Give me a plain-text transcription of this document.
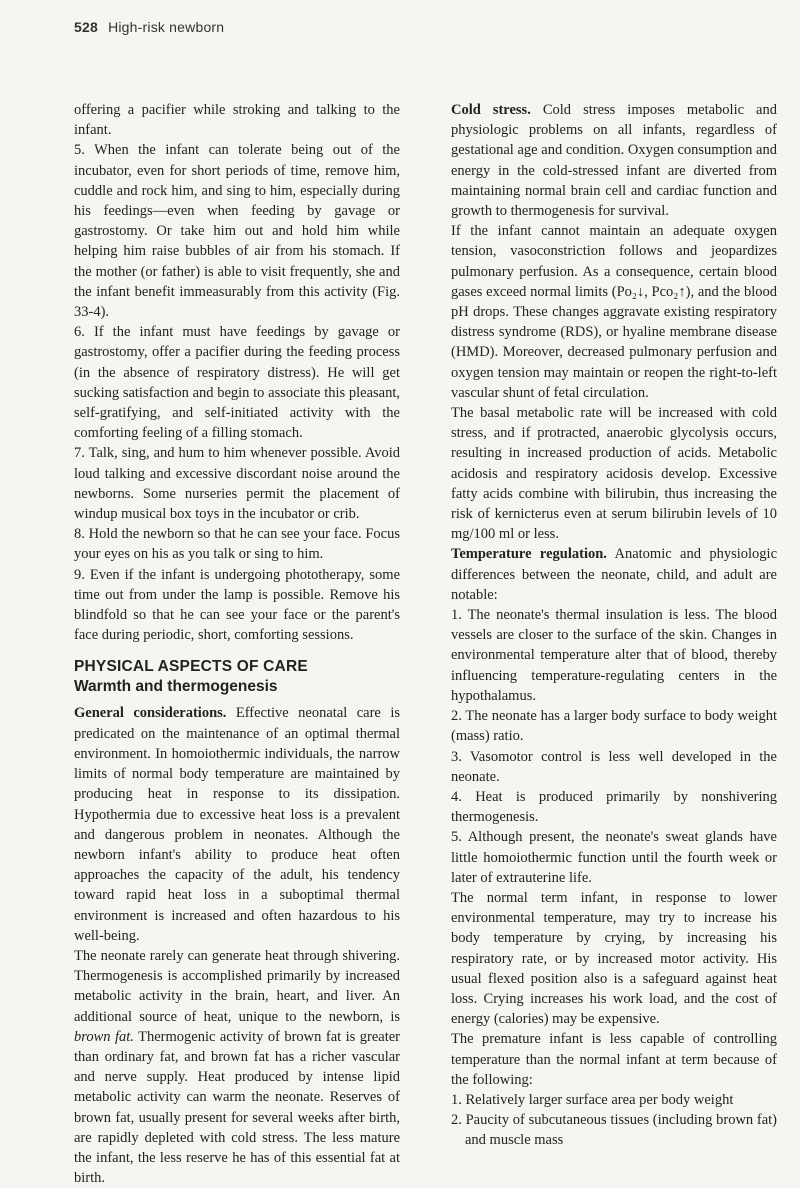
528 High-risk newborn

offering a pacifier while stroking and talking to the infant.

5. When the infant can tolerate being out of the incubator, even for short periods of time, remove him, cuddle and rock him, and sing to him, especially during his feedings—even when feeding by gavage or gastrostomy. Or take him out and hold him while helping him raise bubbles of air from his stomach. If the mother (or father) is able to visit frequently, she and the infant benefit immeasurably from this activity (Fig. 33-4).

6. If the infant must have feedings by gavage or gastrostomy, offer a pacifier during the feeding process (in the absence of respiratory distress). He will get sucking satisfaction and begin to associate this pleasant, self-gratifying, and self-initiated activity with the comforting feeling of a filling stomach.

7. Talk, sing, and hum to him whenever possible. Avoid loud talking and excessive discordant noise around the newborns. Some nurseries permit the placement of windup musical box toys in the incubator or crib.

8. Hold the newborn so that he can see your face. Focus your eyes on his as you talk or sing to him.

9. Even if the infant is undergoing phototherapy, some time out from under the lamp is possible. Remove his blindfold so that he can see your face or the parent's face during periodic, short, comforting sessions.

PHYSICAL ASPECTS OF CARE
Warmth and thermogenesis

General considerations. Effective neonatal care is predicated on the maintenance of an optimal thermal environment. In homoiothermic individuals, the narrow limits of normal body temperature are maintained by producing heat in response to its dissipation. Hypothermia due to excessive heat loss is a prevalent and dangerous problem in neonates. Although the newborn infant's ability to produce heat often approaches the capacity of the adult, his tendency toward rapid heat loss in a suboptimal thermal environment is increased and often hazardous to his well-being.

The neonate rarely can generate heat through shivering. Thermogenesis is accomplished primarily by increased metabolic activity in the brain, heart, and liver. An additional source of heat, unique to the newborn, is brown fat. Thermogenic activity of brown fat is greater than ordinary fat, and brown fat has a richer vascular and nerve supply. Heat produced by intense lipid metabolic activity can warm the neonate. Reserves of brown fat, usually present for several weeks after birth, are rapidly depleted with cold stress. The less mature the infant, the less reserve he has of this essential fat at birth.

Cold stress. Cold stress imposes metabolic and physiologic problems on all infants, regardless of gestational age and condition. Oxygen consumption and energy in the cold-stressed infant are diverted from maintaining normal brain cell and cardiac function and growth to thermogenesis for survival.

If the infant cannot maintain an adequate oxygen tension, vasoconstriction follows and jeopardizes pulmonary perfusion. As a consequence, certain blood gases exceed normal limits (Po₂↓, Pco₂↑), and the blood pH drops. These changes aggravate existing respiratory distress syndrome (RDS), or hyaline membrane disease (HMD). Moreover, decreased pulmonary perfusion and oxygen tension may maintain or reopen the right-to-left vascular shunt of fetal circulation.

The basal metabolic rate will be increased with cold stress, and if protracted, anaerobic glycolysis occurs, resulting in increased production of acids. Metabolic acidosis and respiratory acidosis develop. Excessive fatty acids combine with bilirubin, thus increasing the risk of kernicterus even at serum bilirubin levels of 10 mg/100 ml or less.

Temperature regulation. Anatomic and physiologic differences between the neonate, child, and adult are notable:

1. The neonate's thermal insulation is less. The blood vessels are closer to the surface of the skin. Changes in environmental temperature alter that of blood, thereby influencing temperature-regulating centers in the hypothalamus.

2. The neonate has a larger body surface to body weight (mass) ratio.

3. Vasomotor control is less well developed in the neonate.

4. Heat is produced primarily by nonshivering thermogenesis.

5. Although present, the neonate's sweat glands have little homoiothermic function until the fourth week or later of extrauterine life.

The normal term infant, in response to lower environmental temperature, may try to increase his body temperature by crying, by increasing his respiratory rate, or by increased motor activity. His usual flexed position also is a safeguard against heat loss. Crying increases his work load, and the cost of energy (calories) may be expensive.

The premature infant is less capable of controlling temperature than the normal infant at term because of the following:

1. Relatively larger surface area per body weight

2. Paucity of subcutaneous tissues (including brown fat) and muscle mass
